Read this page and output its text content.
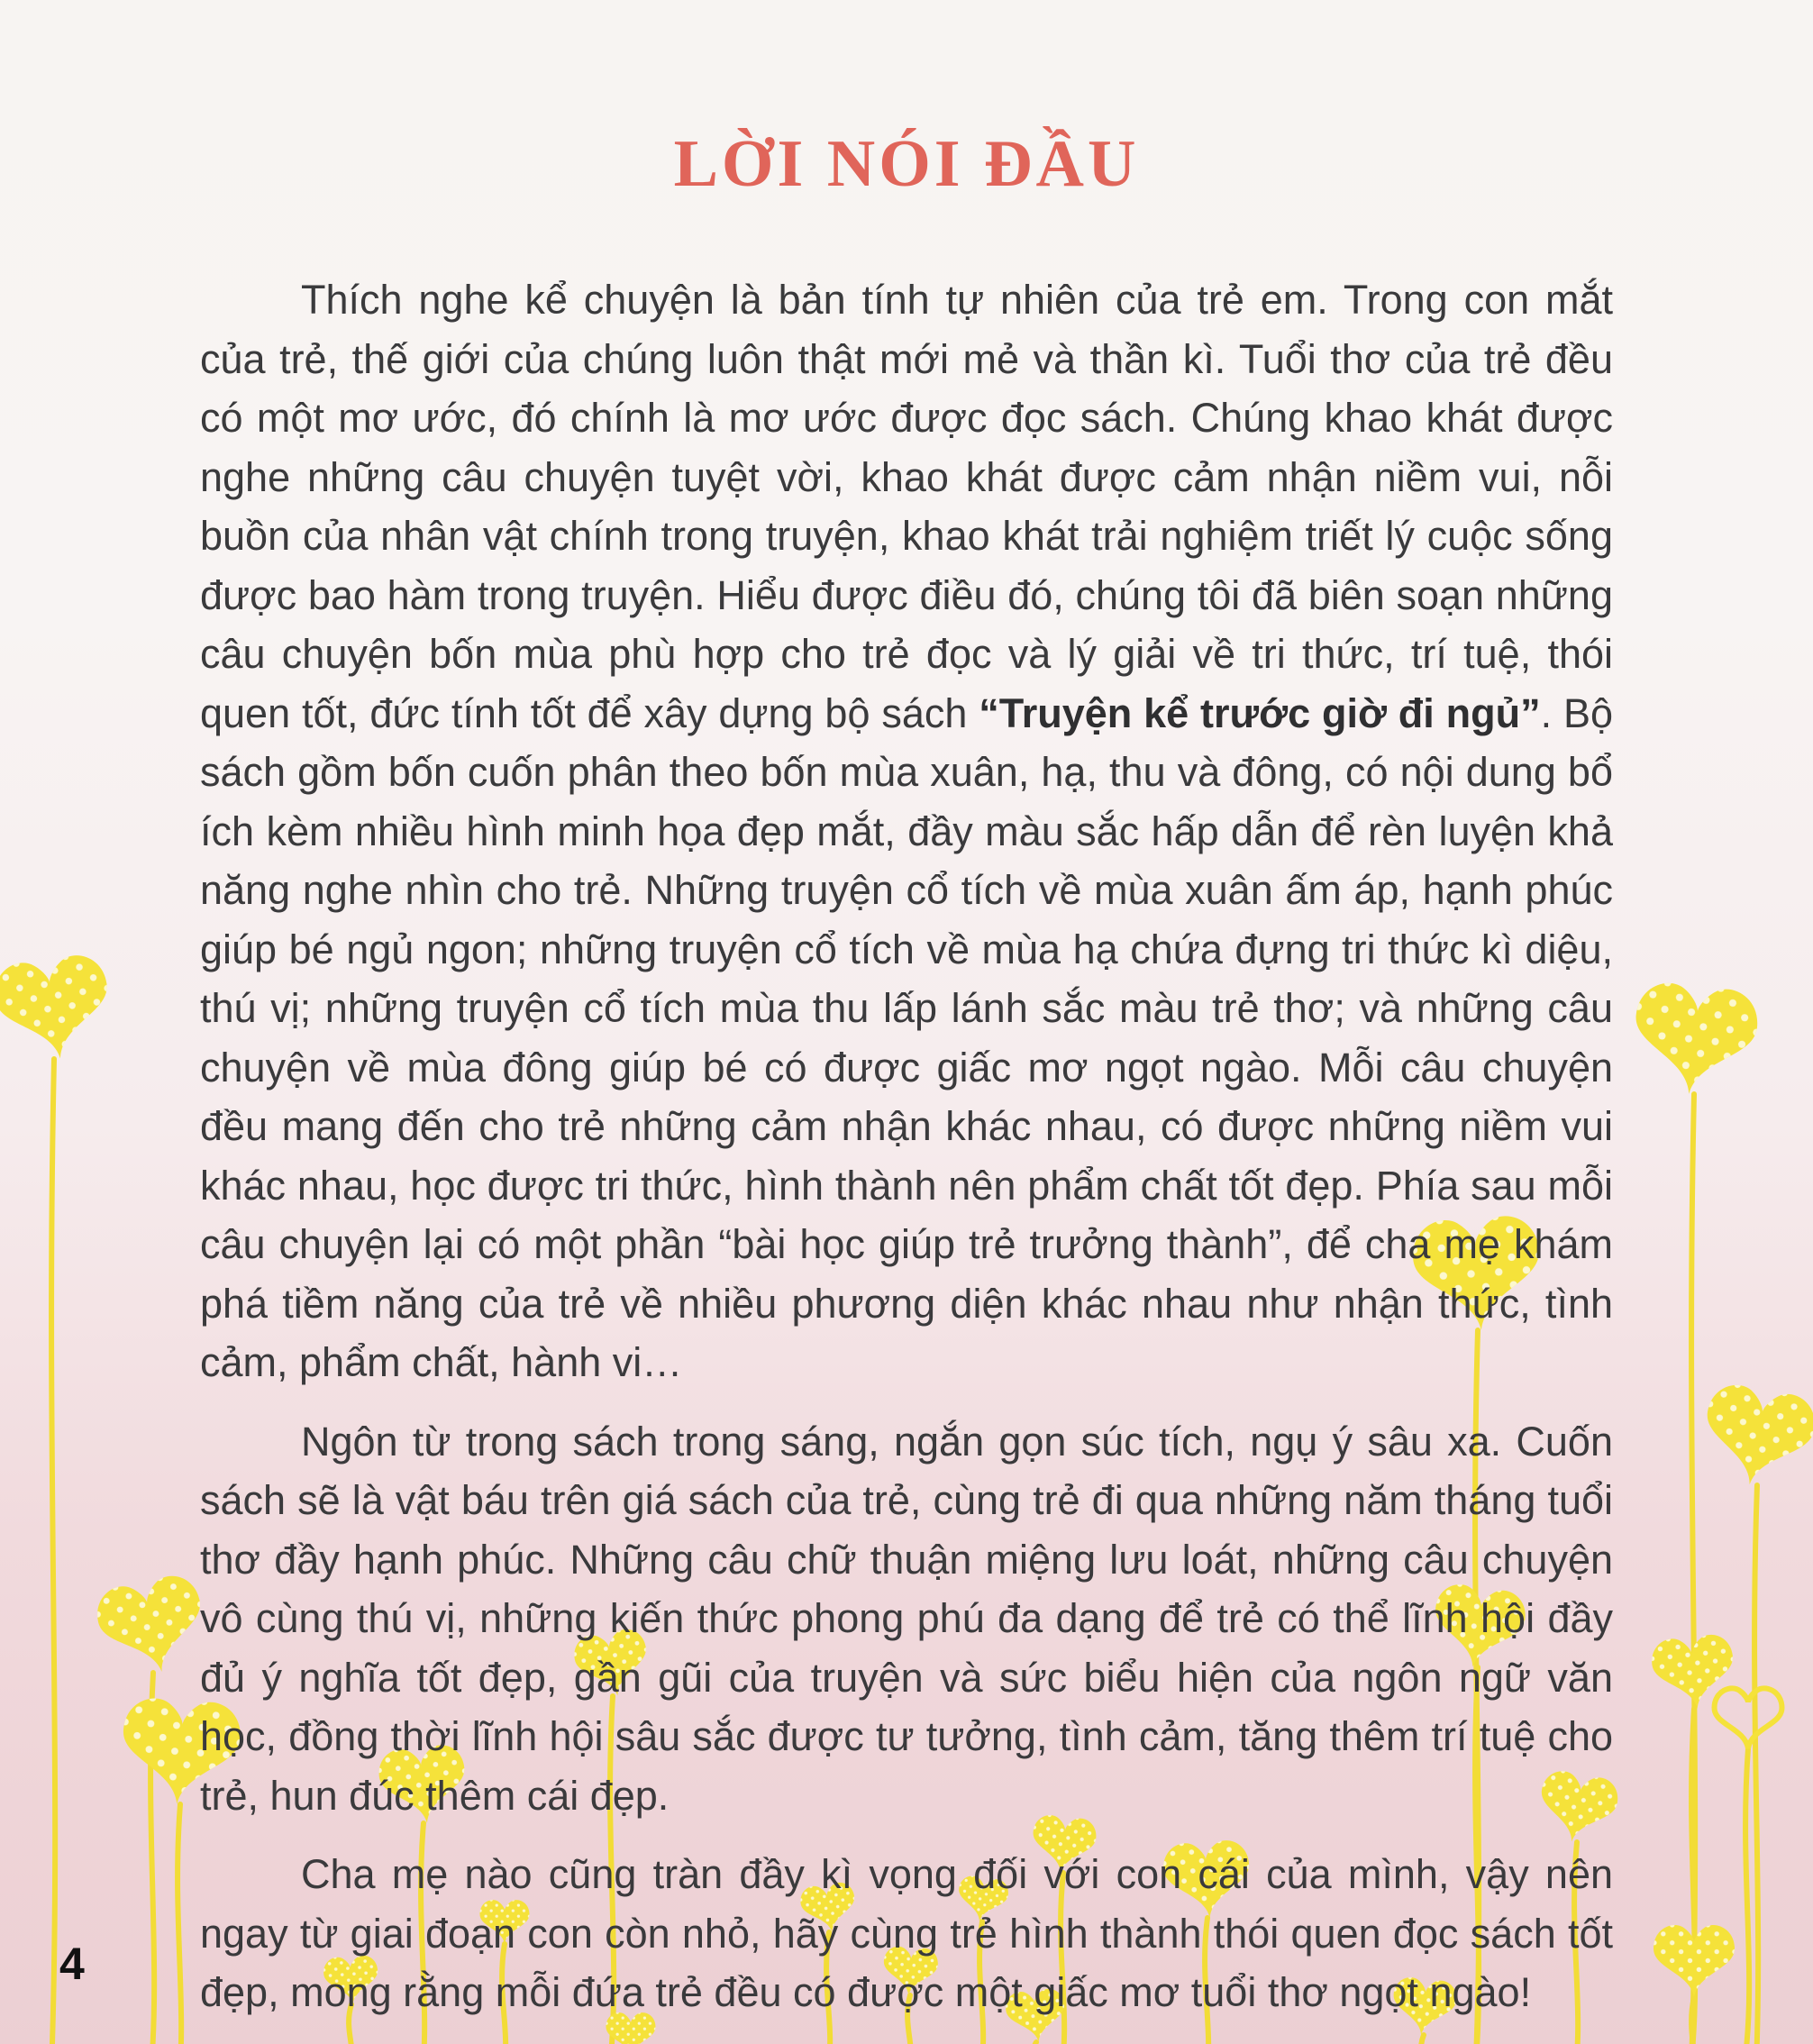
LỜI NÓI ĐẦU

Thích nghe kể chuyện là bản tính tự nhiên của trẻ em. Trong con mắt của trẻ, thế giới của chúng luôn thật mới mẻ và thần kì. Tuổi thơ của trẻ đều có một mơ ước, đó chính là mơ ước được đọc sách. Chúng khao khát được nghe những câu chuyện tuyệt vời, khao khát được cảm nhận niềm vui, nỗi buồn của nhân vật chính trong truyện, khao khát trải nghiệm triết lý cuộc sống được bao hàm trong truyện. Hiểu được điều đó, chúng tôi đã biên soạn những câu chuyện bốn mùa phù hợp cho trẻ đọc và lý giải về tri thức, trí tuệ, thói quen tốt, đức tính tốt để xây dựng bộ sách “Truyện kể trước giờ đi ngủ”. Bộ sách gồm bốn cuốn phân theo bốn mùa xuân, hạ, thu và đông, có nội dung bổ ích kèm nhiều hình minh họa đẹp mắt, đầy màu sắc hấp dẫn để rèn luyện khả năng nghe nhìn cho trẻ. Những truyện cổ tích về mùa xuân ấm áp, hạnh phúc giúp bé ngủ ngon; những truyện cổ tích về mùa hạ chứa đựng tri thức kì diệu, thú vị; những truyện cổ tích mùa thu lấp lánh sắc màu trẻ thơ; và những câu chuyện về mùa đông giúp bé có được giấc mơ ngọt ngào. Mỗi câu chuyện đều mang đến cho trẻ những cảm nhận khác nhau, có được những niềm vui khác nhau, học được tri thức, hình thành nên phẩm chất tốt đẹp. Phía sau mỗi câu chuyện lại có một phần “bài học giúp trẻ trưởng thành”, để cha mẹ khám phá tiềm năng của trẻ về nhiều phương diện khác nhau như nhận thức, tình cảm, phẩm chất, hành vi…

Ngôn từ trong sách trong sáng, ngắn gọn súc tích, ngụ ý sâu xa. Cuốn sách sẽ là vật báu trên giá sách của trẻ, cùng trẻ đi qua những năm tháng tuổi thơ đầy hạnh phúc. Những câu chữ thuận miệng lưu loát, những câu chuyện vô cùng thú vị, những kiến thức phong phú đa dạng để trẻ có thể lĩnh hội đầy đủ ý nghĩa tốt đẹp, gần gũi của truyện và sức biểu hiện của ngôn ngữ văn học, đồng thời lĩnh hội sâu sắc được tư tưởng, tình cảm, tăng thêm trí tuệ cho trẻ, hun đúc thêm cái đẹp.

Cha mẹ nào cũng tràn đầy kì vọng đối với con cái của mình, vậy nên ngay từ giai đoạn con còn nhỏ, hãy cùng trẻ hình thành thói quen đọc sách tốt đẹp, mong rằng mỗi đứa trẻ đều có được một giấc mơ tuổi thơ ngọt ngào!

4
